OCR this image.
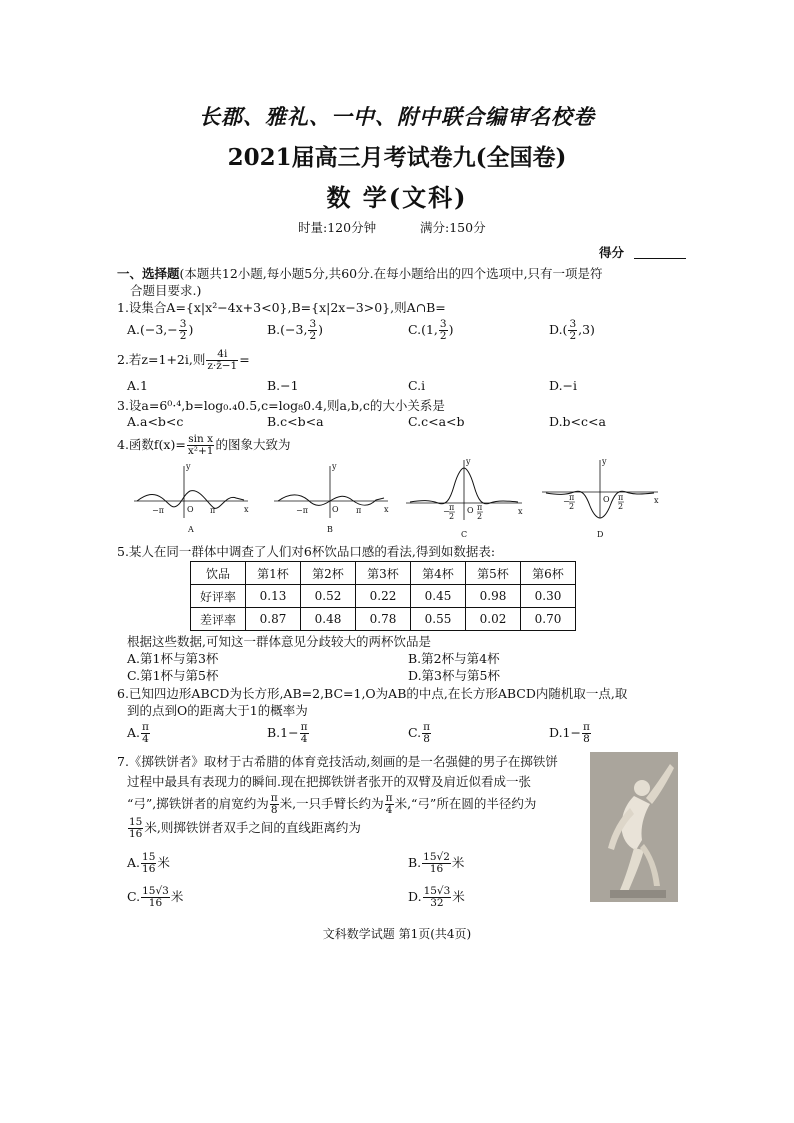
长郡、雅礼、一中、附中联合编审名校卷
2021届高三月考试卷九(全国卷)
数 学(文科)
时量:120分钟	满分:150分
得分
一、选择题(本题共12小题,每小题5分,共60分.在每小题给出的四个选项中,只有一项是符
合题目要求.)
1.设集合A={x|x²−4x+3<0},B={x|2x−3>0},则A∩B=
$A.(-3,- \frac{3}{2}$ )	B.(−3, $\frac{3}{2}$ )	C.(1, $\frac{3}{2}$ )	$D.( \frac{3}{2} ,3)$
2.若z=1+2i,则 $\frac{4i}{z\cdot z̄-1}$ =
A.1	B.−1	C.i	D.−i
3.设a=6⁰·⁴,b=log₀.₄0.5,c=log₈0.4,则a,b,c的大小关系是
A.a<b<c	B.c<b<a	C.c<a<b	D.b<c<a
4.函数$f(x)= \frac{\text{sin x}}{\text{x²+1}}$ 的图象大致为
y
x
−π	O π
A
y
x
−π	O π
B
y
x
− π
2
O π
2
C
y
x
− π
2
O π
2
D
5.某人在同一群体中调查了人们对6杯饮品口感的看法,得到如数据表:
饮品	第1杯	第2杯	第3杯	第4杯	第5杯	第6杯
好评率	0.13	0.52	0.22	0.45	0.98	0.30
差评率	0.87	0.48	0.78	0.55	0.02	0.70
根据这些数据,可知这一群体意见分歧较大的两杯饮品是
A.第1杯与第3杯	B.第2杯与第4杯
C.第1杯与第5杯	D.第3杯与第5杯
6.已知四边形ABCD为长方形,AB=2,BC=1,O为AB的中点,在长方形ABCD内随机取一点,取
到的点到O的距离大于1的概率为
A. $\frac{\pi}{4}$	$B.1- \frac{\pi}{4}$	C. $\frac{\pi}{8}$	$D.1- \frac{\pi}{8}$
7.《掷铁饼者》取材于古希腊的体育竞技活动,刻画的是一名强健的男子在掷铁饼
过程中最具有表现力的瞬间.现在把掷铁饼者张开的双臂及肩近似看成一张
“弓”,掷铁饼者的肩宽约为 $\frac{\pi}{8}$ 米,一只手臂长约为 $\frac{\pi}{4}$ 米,“弓”所在圆的半径约为
$\frac{15}{16}$ 米,则掷铁饼者双手之间的直线距离约为
A. $\frac{15}{16}$ 米	B. $\frac{15√2}{16}$ 米
C. $\frac{15√3}{16}$ 米	D. $\frac{15√3}{32}$ 米
文科数学试题 第1页(共4页)
